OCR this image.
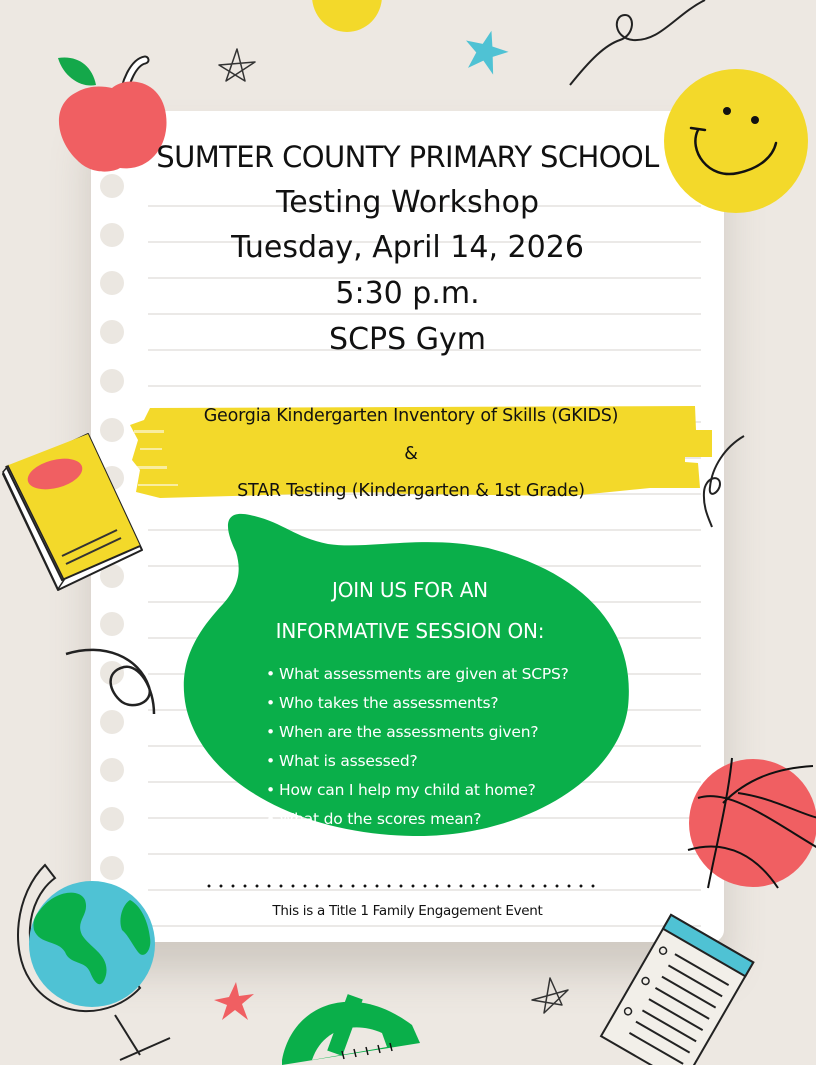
SUMTER COUNTY PRIMARY SCHOOL
Testing Workshop
Tuesday, April 14, 2026
5:30 p.m.
SCPS Gym
Georgia Kindergarten Inventory of Skills (GKIDS)
&
STAR Testing (Kindergarten & 1st Grade)
JOIN US FOR AN
INFORMATIVE SESSION ON:
• What assessments are given at SCPS?
• Who takes the assessments?
• When are the assessments given?
• What is assessed?
• How can I help my child at home?
• What do the scores mean?
This is a Title 1 Family Engagement Event
